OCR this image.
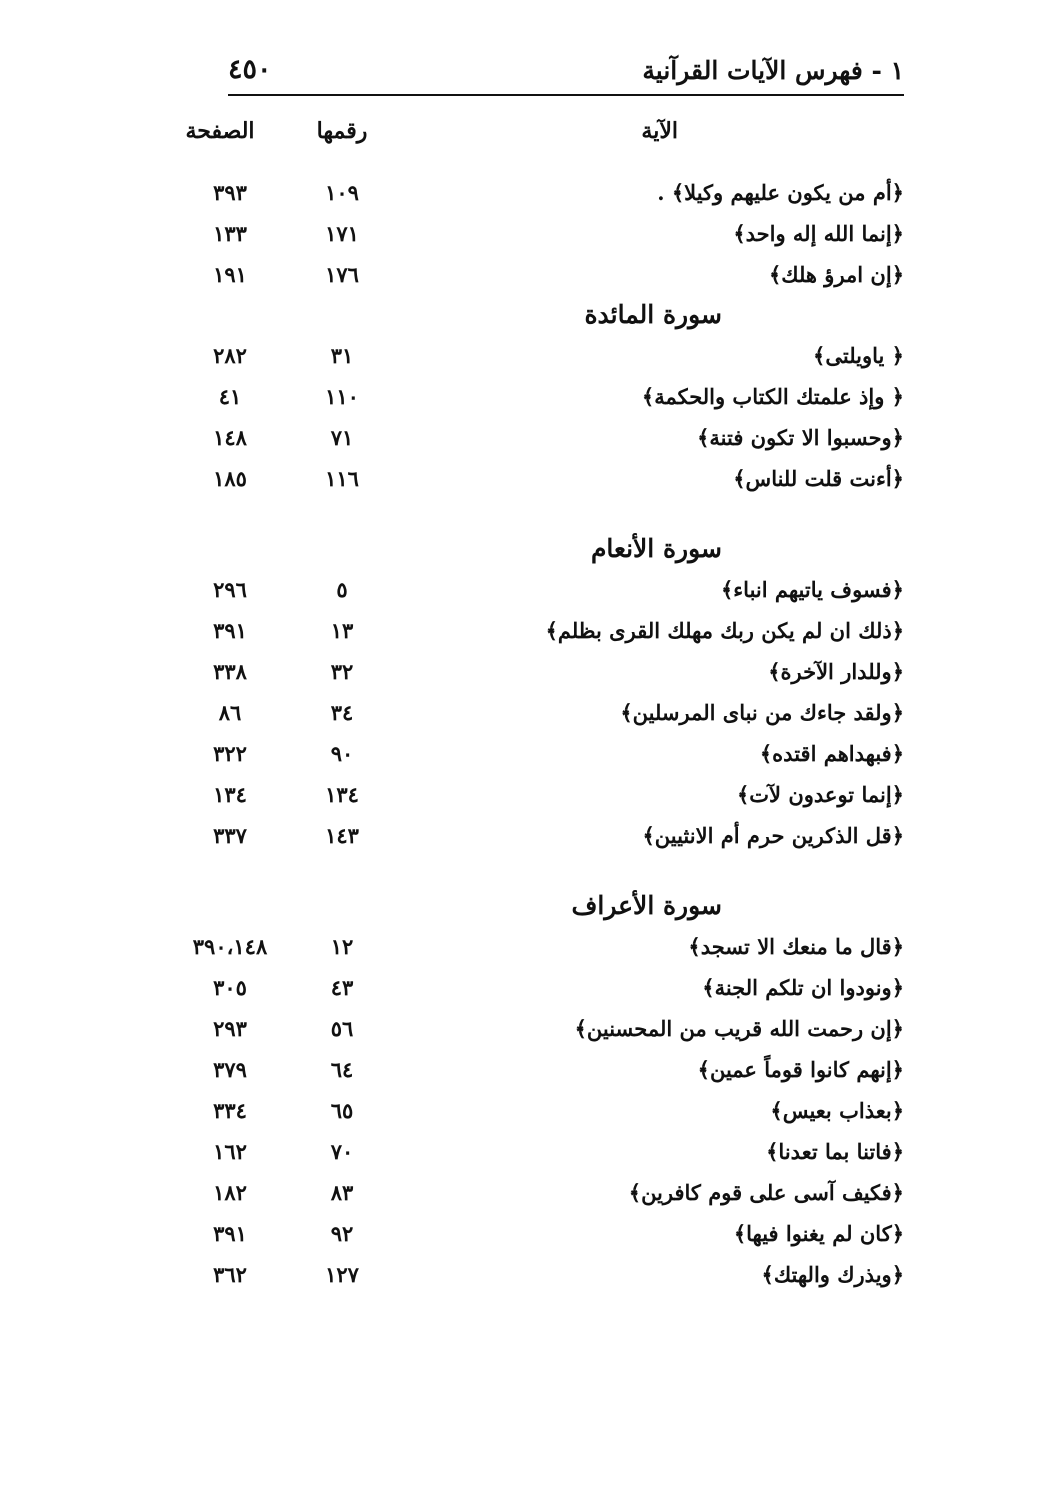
٤٥٠	١ - فهرس الآيات القرآنية
الآية
رقمها
الصفحة
﴿أم من يكون عليهم وكيلا﴾ .
١٠٩
٣٩٣
﴿إنما الله إله واحد﴾
١٧١
١٣٣
﴿إن امرؤ هلك﴾
١٧٦
١٩١
سورة المائدة
﴿ ياويلتى﴾
٣١
٢٨٢
﴿ وإذ علمتك الكتاب والحكمة﴾
١١٠
٤١
﴿وحسبوا الا تكون فتنة﴾
٧١
١٤٨
﴿أءنت قلت للناس﴾
١١٦
١٨٥
سورة الأنعام
﴿فسوف ياتيهم انباء﴾
٥
٢٩٦
﴿ذلك ان لم يكن ربك مهلك القرى بظلم﴾
١٣
٣٩١
﴿وللدار الآخرة﴾
٣٢
٣٣٨
﴿ولقد جاءك من نباى المرسلين﴾
٣٤
٨٦
﴿فبهداهم اقتده﴾
٩٠
٣٢٢
﴿إنما توعدون لآت﴾
١٣٤
١٣٤
﴿قل الذكرين حرم أم الانثيين﴾
١٤٣
٣٣٧
سورة الأعراف
﴿قال ما منعك الا تسجد﴾
١٢
٣٩٠،١٤٨
﴿ونودوا ان تلكم الجنة﴾
٤٣
٣٠٥
﴿إن رحمت الله قريب من المحسنين﴾
٥٦
٢٩٣
﴿إنهم كانوا قوماً عمين﴾
٦٤
٣٧٩
﴿بعذاب بعيس﴾
٦٥
٣٣٤
﴿فاتنا بما تعدنا﴾
٧٠
١٦٢
﴿فكيف آسى على قوم كافرين﴾
٨٣
١٨٢
﴿كان لم يغنوا فيها﴾
٩٢
٣٩١
﴿ويذرك والهتك﴾
١٢٧
٣٦٢
